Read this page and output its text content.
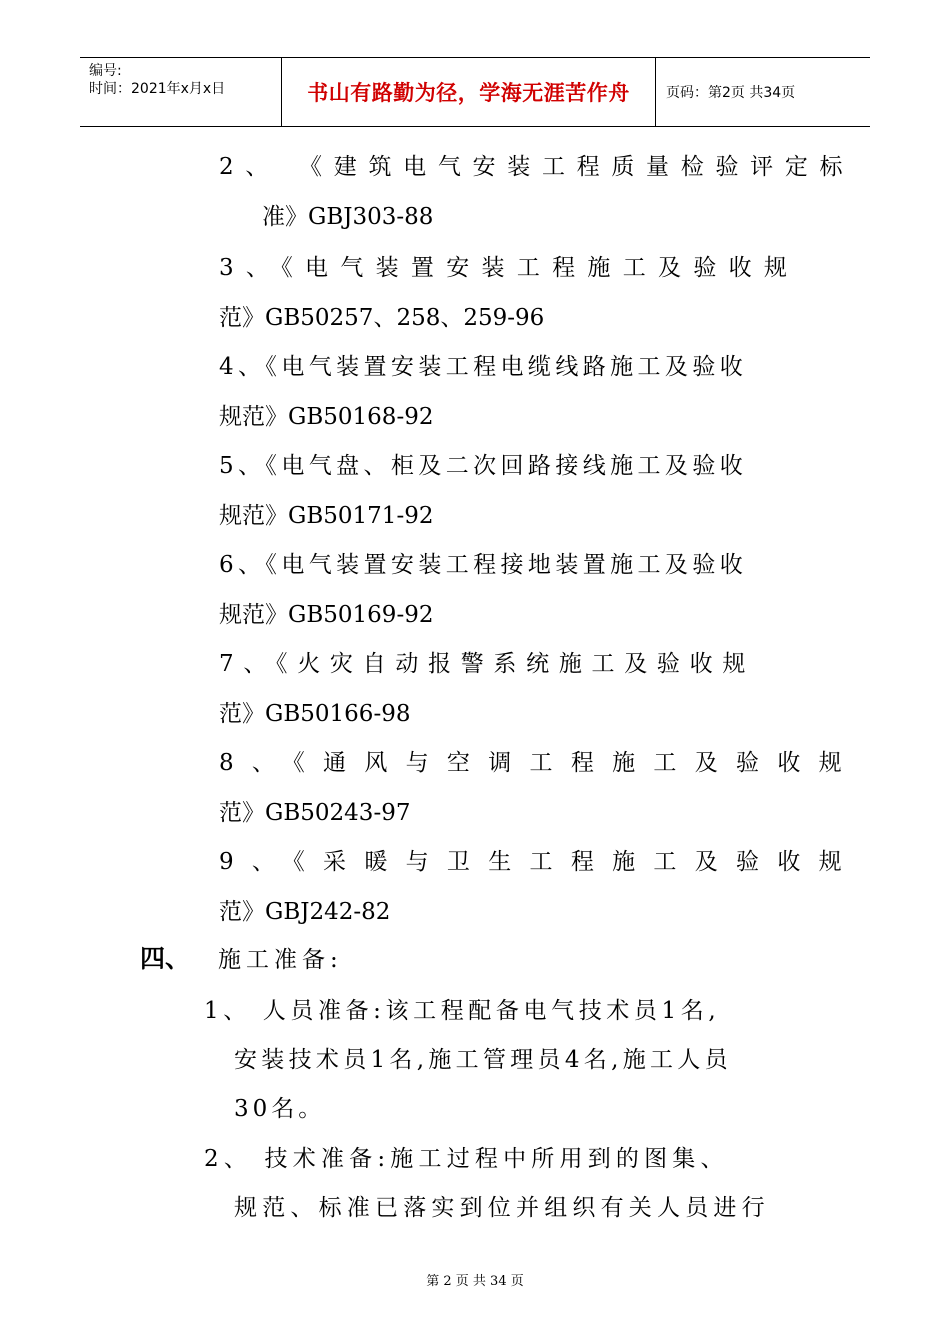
编号:
时间：2021年x月x日	书山有路勤为径，学海无涯苦作舟	页码：第2页 共34页
2、 《建筑电气安装工程质量检验评定标
准》GBJ303-88
3、《电气装置安装工程施工及验收规
范》GB50257、258、259-96
4、《电气装置安装工程电缆线路施工及验收
规范》GB50168-92
5、《电气盘、柜及二次回路接线施工及验收
规范》GB50171-92
6、《电气装置安装工程接地装置施工及验收
规范》GB50169-92
7、《火灾自动报警系统施工及验收规
范》GB50166-98
8、《通风与空调工程施工及验收规
范》GB50243-97
9、《采暖与卫生工程施工及验收规
范》GBJ242-82
四、 施工准备:
1、 人员准备:该工程配备电气技术员1名,
安装技术员1名,施工管理员4名,施工人员
30名。
2、 技术准备:施工过程中所用到的图集、
规范、标准已落实到位并组织有关人员进行
第 2 页 共 34 页
